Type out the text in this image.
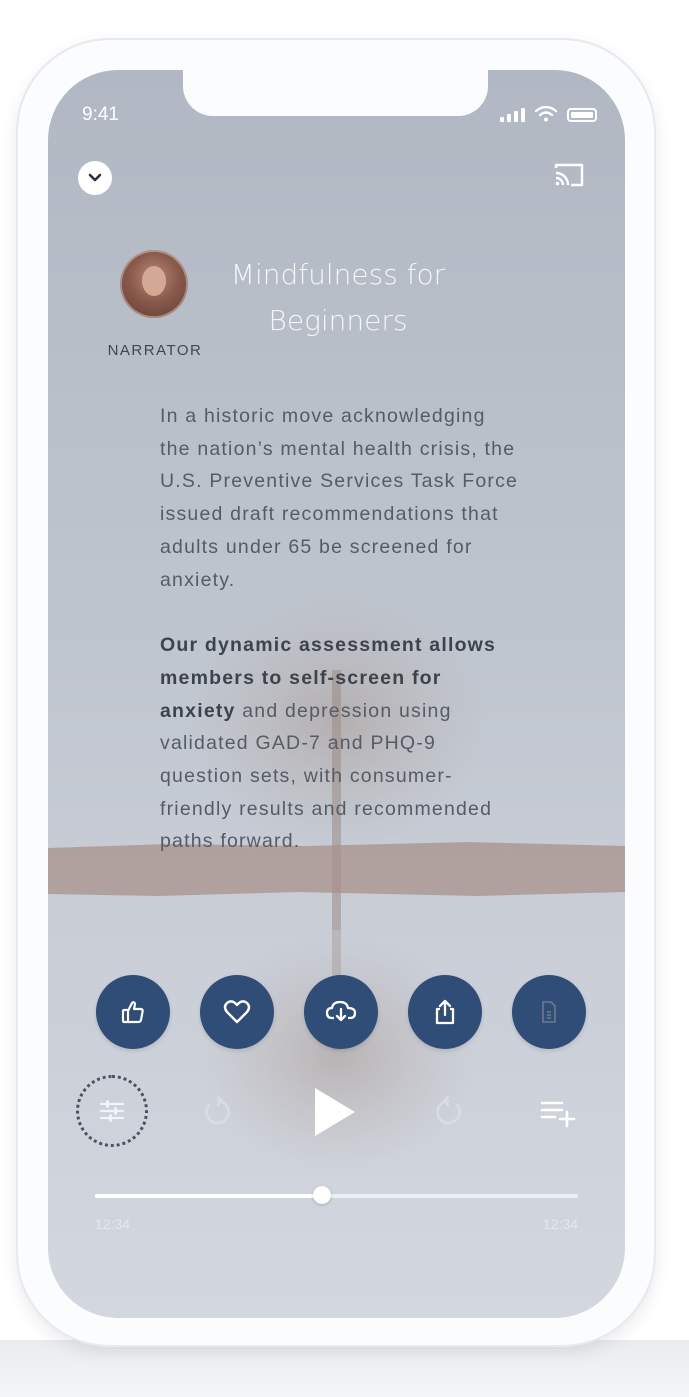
9:41
NARRATOR
Mindfulness for Beginners

In a historic move acknowledging the nation’s mental health crisis, the U.S. Preventive Services Task Force issued draft recommendations that adults under 65 be screened for anxiety.

Our dynamic assessment allows members to self-screen for anxiety and depression using validated GAD-7 and PHQ-9 question sets, with consumer-friendly results and recommended paths forward.

12:34	12:34
